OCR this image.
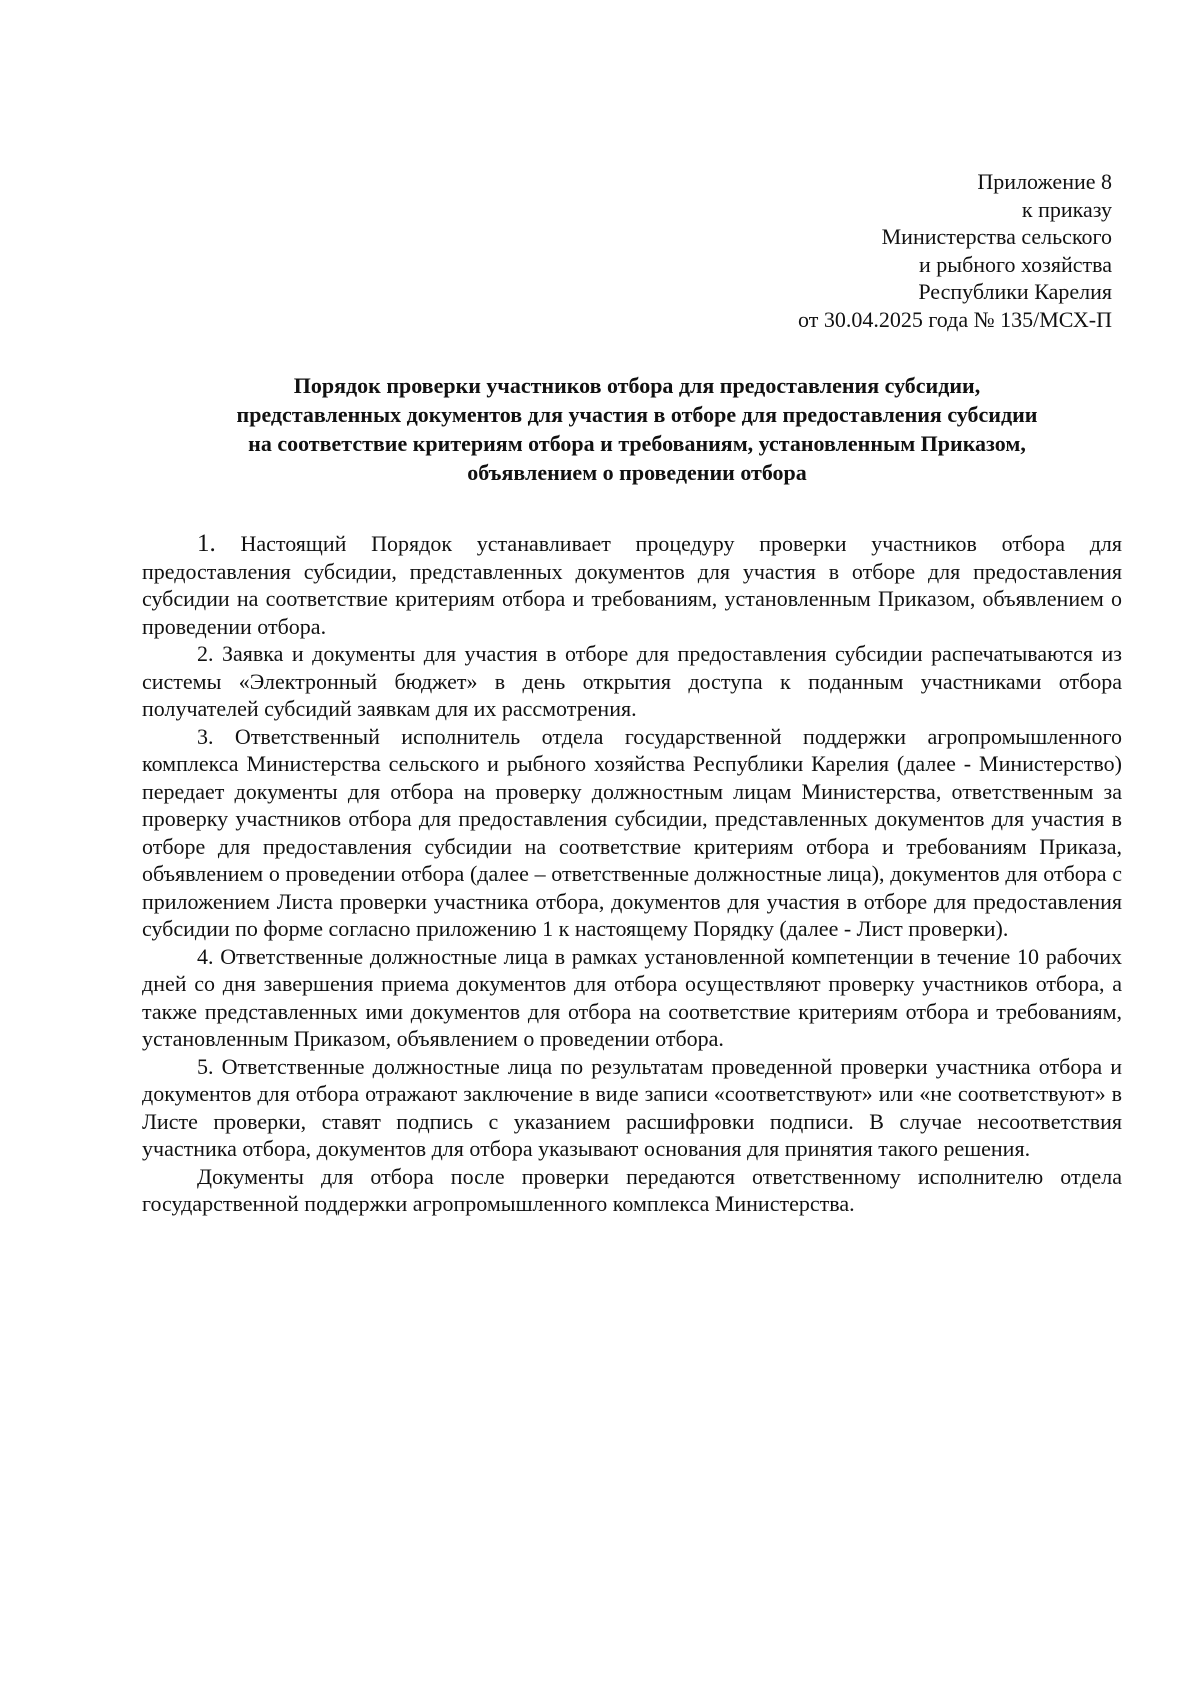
Приложение 8
к приказу
Министерства сельского
и рыбного хозяйства
Республики Карелия
от 30.04.2025 года № 135/МСХ-П
Порядок проверки участников отбора для предоставления субсидии,
представленных документов для участия в отборе для предоставления субсидии
на соответствие критериям отбора и требованиям, установленным Приказом,
объявлением о проведении отбора

1. Настоящий Порядок устанавливает процедуру проверки участников отбора для предоставления субсидии, представленных документов для участия в отборе для предоставления субсидии на соответствие критериям отбора и требованиям, установленным Приказом, объявлением о проведении отбора.

2. Заявка и документы для участия в отборе для предоставления субсидии распечатываются из системы «Электронный бюджет» в день открытия доступа к поданным участниками отбора получателей субсидий заявкам для их рассмотрения.

3. Ответственный исполнитель отдела государственной поддержки агропромышленного комплекса Министерства сельского и рыбного хозяйства Республики Карелия (далее - Министерство) передает документы для отбора на проверку должностным лицам Министерства, ответственным за проверку участников отбора для предоставления субсидии, представленных документов для участия в отборе для предоставления субсидии на соответствие критериям отбора и требованиям Приказа, объявлением о проведении отбора (далее – ответственные должностные лица), документов для отбора с приложением Листа проверки участника отбора, документов для участия в отборе для предоставления субсидии по форме согласно приложению 1 к настоящему Порядку (далее - Лист проверки).

4. Ответственные должностные лица в рамках установленной компетенции в течение 10 рабочих дней со дня завершения приема документов для отбора осуществляют проверку участников отбора, а также представленных ими документов для отбора на соответствие критериям отбора и требованиям, установленным Приказом, объявлением о проведении отбора.

5. Ответственные должностные лица по результатам проведенной проверки участника отбора и документов для отбора отражают заключение в виде записи «соответствуют» или «не соответствуют» в Листе проверки, ставят подпись с указанием расшифровки подписи. В случае несоответствия участника отбора, документов для отбора указывают основания для принятия такого решения.

Документы для отбора после проверки передаются ответственному исполнителю отдела государственной поддержки агропромышленного комплекса Министерства.
